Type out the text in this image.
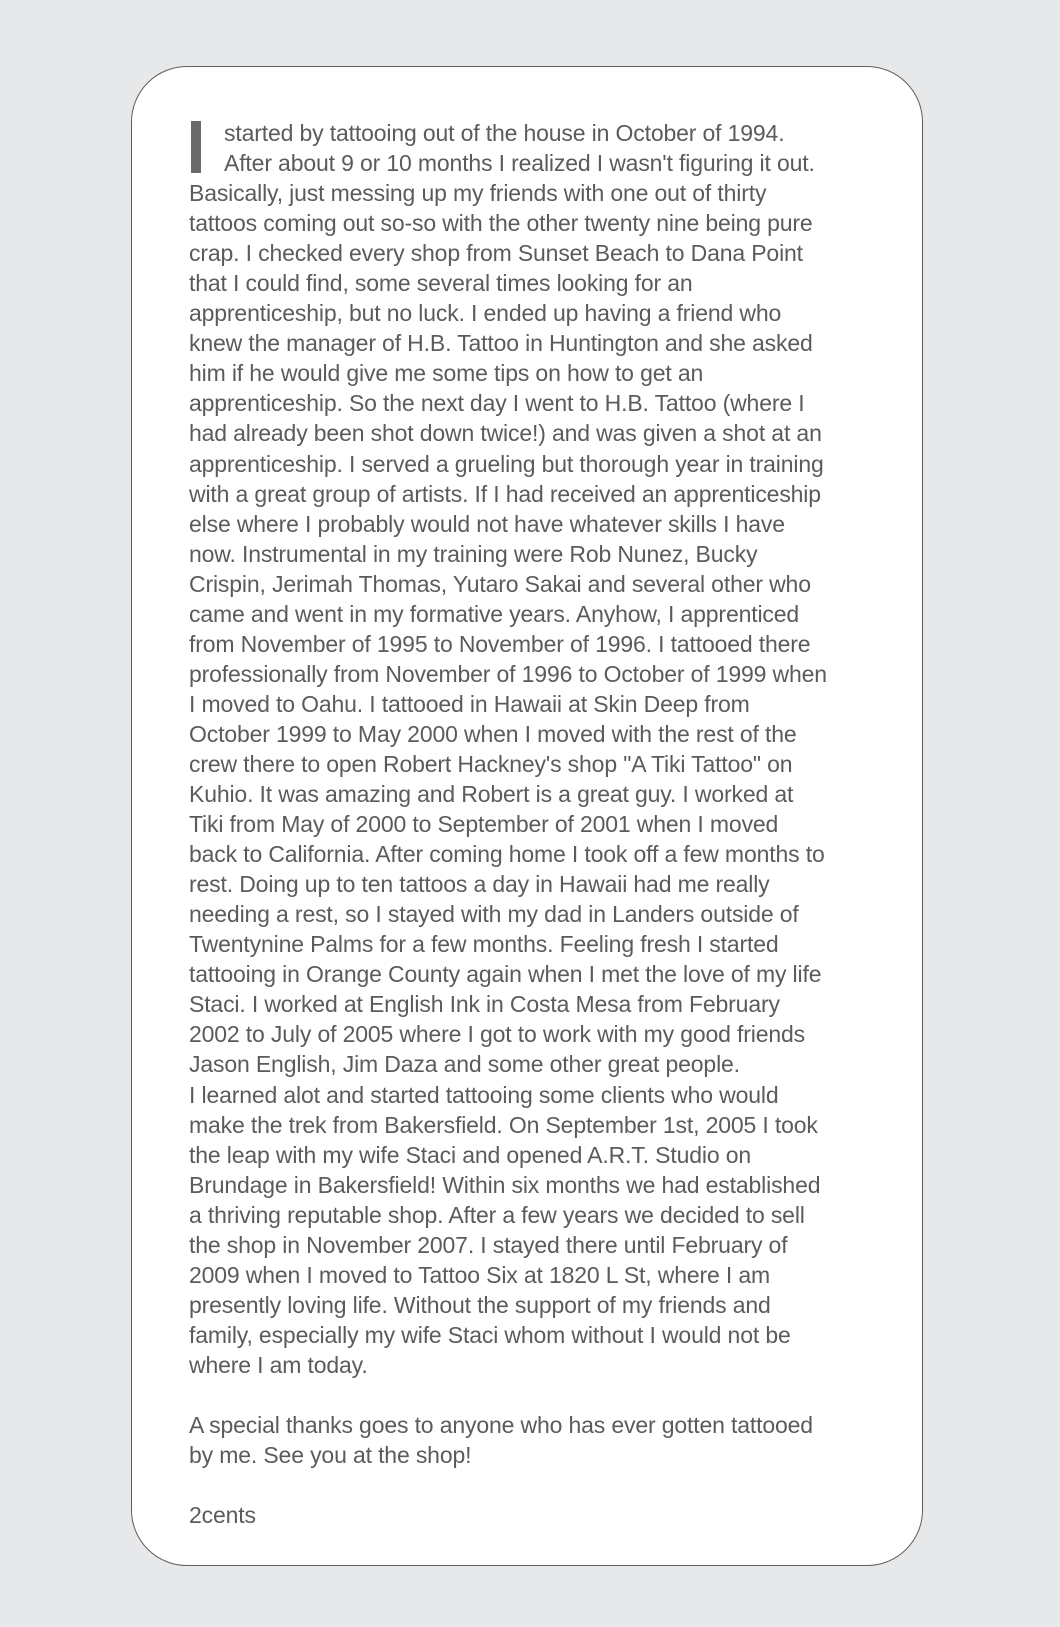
started by tattooing out of the house in October of 1994.
After about 9 or 10 months I realized I wasn't figuring it out.
Basically, just messing up my friends with one out of thirty
tattoos coming out so-so with the other twenty nine being pure
crap. I checked every shop from Sunset Beach to Dana Point
that I could find, some several times looking for an
apprenticeship, but no luck. I ended up having a friend who
knew the manager of H.B. Tattoo in Huntington and she asked
him if he would give me some tips on how to get an
apprenticeship. So the next day I went to H.B. Tattoo (where I
had already been shot down twice!) and was given a shot at an
apprenticeship. I served a grueling but thorough year in training
with a great group of artists. If I had received an apprenticeship
else where I probably would not have whatever skills I have
now. Instrumental in my training were Rob Nunez, Bucky
Crispin, Jerimah Thomas, Yutaro Sakai and several other who
came and went in my formative years. Anyhow, I apprenticed
from November of 1995 to November of 1996. I tattooed there
professionally from November of 1996 to October of 1999 when
I moved to Oahu. I tattooed in Hawaii at Skin Deep from
October 1999 to May 2000 when I moved with the rest of the
crew there to open Robert Hackney's shop "A Tiki Tattoo" on
Kuhio. It was amazing and Robert is a great guy. I worked at
Tiki from May of 2000 to September of 2001 when I moved
back to California. After coming home I took off a few months to
rest. Doing up to ten tattoos a day in Hawaii had me really
needing a rest, so I stayed with my dad in Landers outside of
Twentynine Palms for a few months. Feeling fresh I started
tattooing in Orange County again when I met the love of my life
Staci. I worked at English Ink in Costa Mesa from February
2002 to July of 2005 where I got to work with my good friends
Jason English, Jim Daza and some other great people.
I learned alot and started tattooing some clients who would
make the trek from Bakersfield. On September 1st, 2005 I took
the leap with my wife Staci and opened A.R.T. Studio on
Brundage in Bakersfield! Within six months we had established
a thriving reputable shop. After a few years we decided to sell
the shop in November 2007. I stayed there until February of
2009 when I moved to Tattoo Six at 1820 L St, where I am
presently loving life. Without the support of my friends and
family, especially my wife Staci whom without I would not be
where I am today.
A special thanks goes to anyone who has ever gotten tattooed
by me. See you at the shop!
2cents
